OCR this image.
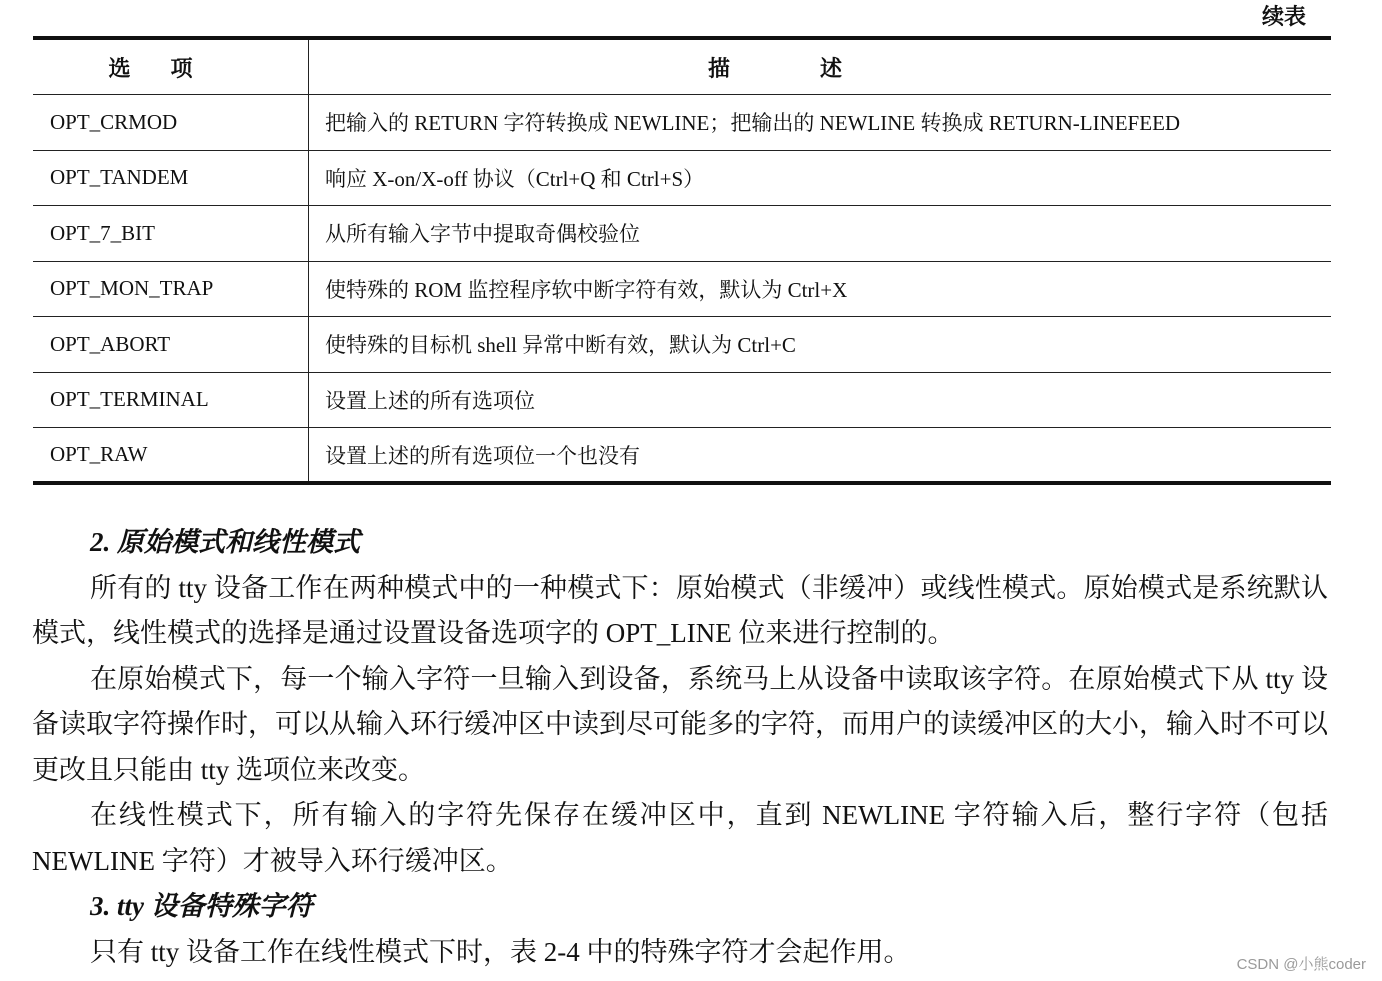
续表
选项	描述
OPT_CRMOD	把输入的 RETURN 字符转换成 NEWLINE；把输出的 NEWLINE 转换成 RETURN-LINEFEED
OPT_TANDEM	响应 X-on/X-off 协议（Ctrl+Q 和 Ctrl+S）
OPT_7_BIT	从所有输入字节中提取奇偶校验位
OPT_MON_TRAP	使特殊的 ROM 监控程序软中断字符有效，默认为 Ctrl+X
OPT_ABORT	使特殊的目标机 shell 异常中断有效，默认为 Ctrl+C
OPT_TERMINAL	设置上述的所有选项位
OPT_RAW	设置上述的所有选项位一个也没有
2. 原始模式和线性模式

所有的 tty 设备工作在两种模式中的一种模式下：原始模式（非缓冲）或线性模式。原始模式是系统默认模式，线性模式的选择是通过设置设备选项字的 OPT_LINE 位来进行控制的。

在原始模式下，每一个输入字符一旦输入到设备，系统马上从设备中读取该字符。在原始模式下从 tty 设备读取字符操作时，可以从输入环行缓冲区中读到尽可能多的字符，而用户的读缓冲区的大小，输入时不可以更改且只能由 tty 选项位来改变。

在线性模式下，所有输入的字符先保存在缓冲区中，直到 NEWLINE 字符输入后，整行字符（包括 NEWLINE 字符）才被导入环行缓冲区。

3. tty 设备特殊字符

只有 tty 设备工作在线性模式下时，表 2-4 中的特殊字符才会起作用。	CSDN @小熊coder
